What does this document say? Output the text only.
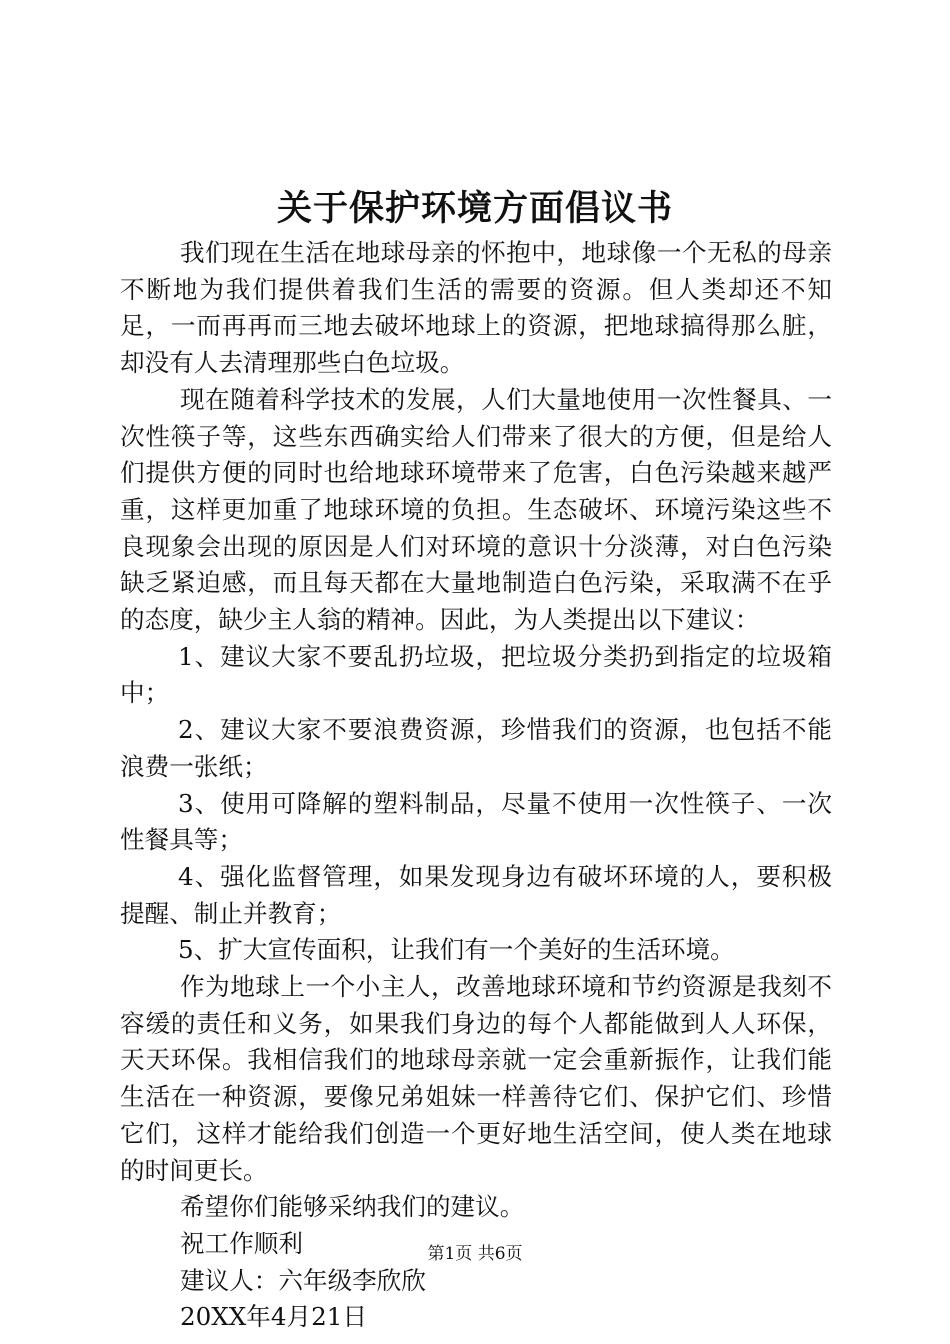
关于保护环境方面倡议书

我们现在生活在地球母亲的怀抱中，地球像一个无私的母亲不断地为我们提供着我们生活的需要的资源。但人类却还不知足，一而再再而三地去破坏地球上的资源，把地球搞得那么脏，却没有人去清理那些白色垃圾。

现在随着科学技术的发展，人们大量地使用一次性餐具、一次性筷子等，这些东西确实给人们带来了很大的方便，但是给人们提供方便的同时也给地球环境带来了危害，白色污染越来越严重，这样更加重了地球环境的负担。生态破坏、环境污染这些不良现象会出现的原因是人们对环境的意识十分淡薄，对白色污染缺乏紧迫感，而且每天都在大量地制造白色污染，采取满不在乎的态度，缺少主人翁的精神。因此，为人类提出以下建议：

1、建议大家不要乱扔垃圾，把垃圾分类扔到指定的垃圾箱中；

2、建议大家不要浪费资源，珍惜我们的资源，也包括不能浪费一张纸；

3、使用可降解的塑料制品，尽量不使用一次性筷子、一次性餐具等；

4、强化监督管理，如果发现身边有破坏环境的人，要积极提醒、制止并教育；

5、扩大宣传面积，让我们有一个美好的生活环境。

作为地球上一个小主人，改善地球环境和节约资源是我刻不容缓的责任和义务，如果我们身边的每个人都能做到人人环保，天天环保。我相信我们的地球母亲就一定会重新振作，让我们能生活在一种资源，要像兄弟姐妹一样善待它们、保护它们、珍惜它们，这样才能给我们创造一个更好地生活空间，使人类在地球的时间更长。

希望你们能够采纳我们的建议。

祝工作顺利

建议人：六年级李欣欣

20XX年4月21日

第1页 共6页
